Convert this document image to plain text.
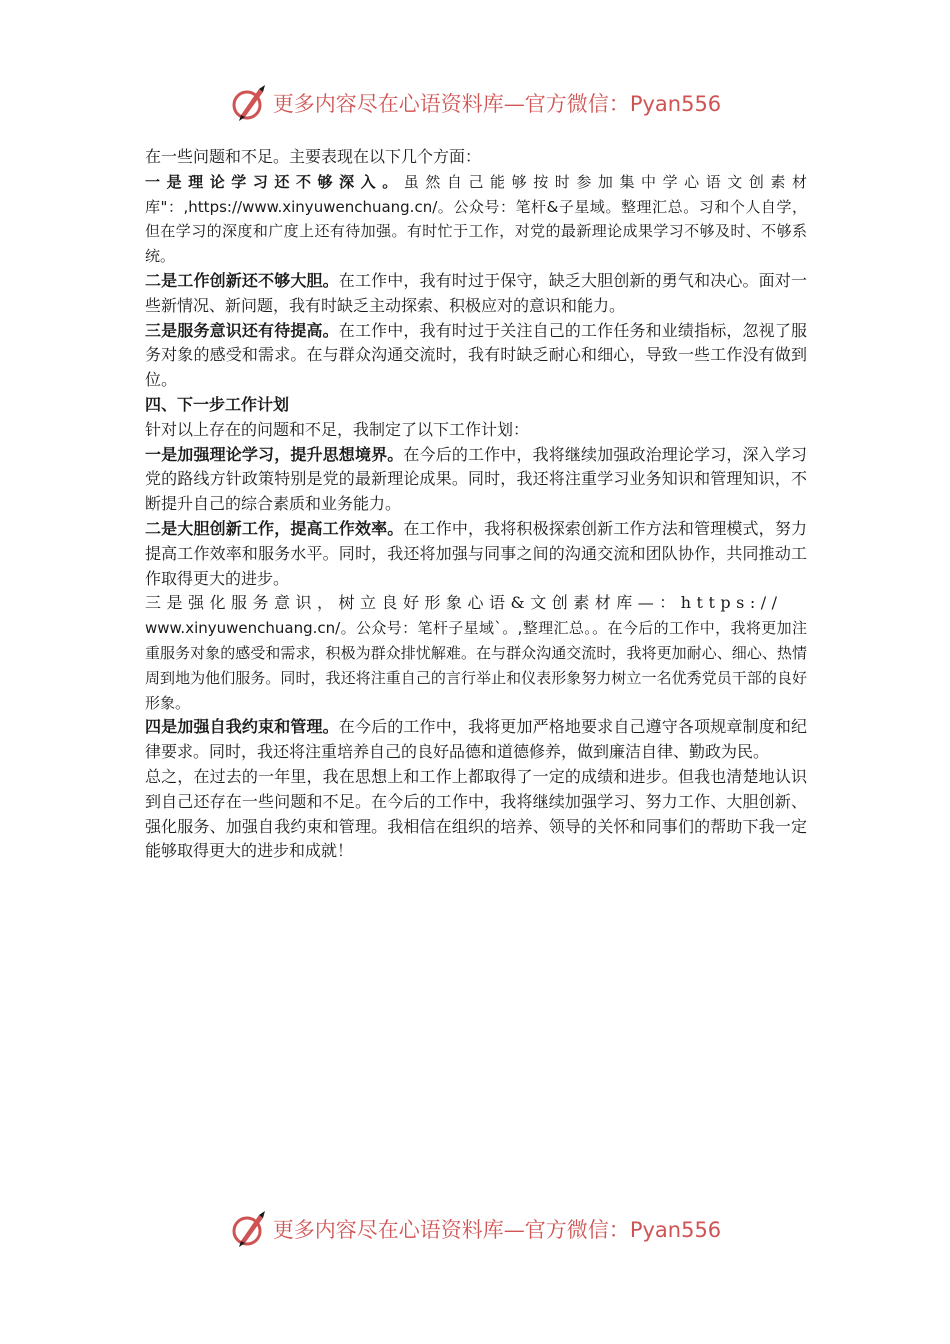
更多内容尽在心语资料库—官方微信：Pyan556

在一些问题和不足。主要表现在以下几个方面：

一是理论学习还不够深入。虽然自己能够按时参加集中学心语文创素材库"：,https://www.xinyuwenchuang.cn/。公众号：笔杆&子星域。整理汇总。习和个人自学，但在学习的深度和广度上还有待加强。有时忙于工作，对党的最新理论成果学习不够及时、不够系统。

二是工作创新还不够大胆。在工作中，我有时过于保守，缺乏大胆创新的勇气和决心。面对一些新情况、新问题，我有时缺乏主动探索、积极应对的意识和能力。

三是服务意识还有待提高。在工作中，我有时过于关注自己的工作任务和业绩指标，忽视了服务对象的感受和需求。在与群众沟通交流时，我有时缺乏耐心和细心，导致一些工作没有做到位。

四、下一步工作计划

针对以上存在的问题和不足，我制定了以下工作计划：

一是加强理论学习，提升思想境界。在今后的工作中，我将继续加强政治理论学习，深入学习党的路线方针政策特别是党的最新理论成果。同时，我还将注重学习业务知识和管理知识，不断提升自己的综合素质和业务能力。

二是大胆创新工作，提高工作效率。在工作中，我将积极探索创新工作方法和管理模式，努力提高工作效率和服务水平。同时，我还将加强与同事之间的沟通交流和团队协作，共同推动工作取得更大的进步。

三是强化服务意识，树立良好形象心语&文创素材库—：https://

www.xinyuwenchuang.cn/。公众号：笔杆子星域`。,整理汇总。。在今后的工作中，我将更加注重服务对象的感受和需求，积极为群众排忧解难。在与群众沟通交流时，我将更加耐心、细心、热情周到地为他们服务。同时，我还将注重自己的言行举止和仪表形象努力树立一名优秀党员干部的良好形象。

四是加强自我约束和管理。在今后的工作中，我将更加严格地要求自己遵守各项规章制度和纪律要求。同时，我还将注重培养自己的良好品德和道德修养，做到廉洁自律、勤政为民。

总之，在过去的一年里，我在思想上和工作上都取得了一定的成绩和进步。但我也清楚地认识到自己还存在一些问题和不足。在今后的工作中，我将继续加强学习、努力工作、大胆创新、强化服务、加强自我约束和管理。我相信在组织的培养、领导的关怀和同事们的帮助下我一定能够取得更大的进步和成就！

更多内容尽在心语资料库—官方微信：Pyan556
